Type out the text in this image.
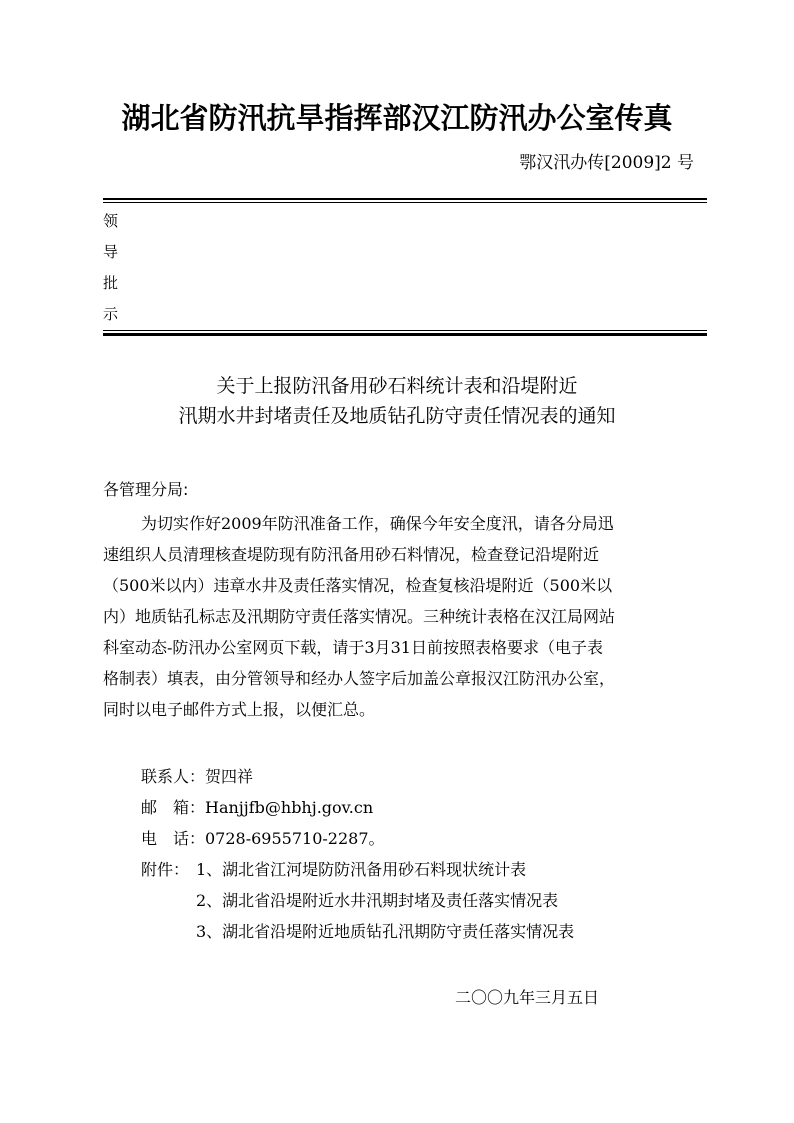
湖北省防汛抗旱指挥部汉江防汛办公室传真
鄂汉汛办传[2009]2 号
领
导
批
示
关于上报防汛备用砂石料统计表和沿堤附近
汛期水井封堵责任及地质钻孔防守责任情况表的通知
各管理分局:
为切实作好2009年防汛准备工作，确保今年安全度汛，请各分局迅
速组织人员清理核查堤防现有防汛备用砂石料情况，检查登记沿堤附近
（500米以内）违章水井及责任落实情况，检查复核沿堤附近（500米以
内）地质钻孔标志及汛期防守责任落实情况。三种统计表格在汉江局网站
科室动态-防汛办公室网页下载，请于3月31日前按照表格要求（电子表
格制表）填表，由分管领导和经办人签字后加盖公章报汉江防汛办公室，
同时以电子邮件方式上报，以便汇总。
联系人：贺四祥
邮　箱：Hanjjfb@hbhj.gov.cn
电　话：0728-6955710-2287。
附件： 1、湖北省江河堤防防汛备用砂石料现状统计表
2、湖北省沿堤附近水井汛期封堵及责任落实情况表
3、湖北省沿堤附近地质钻孔汛期防守责任落实情况表
二〇〇九年三月五日
